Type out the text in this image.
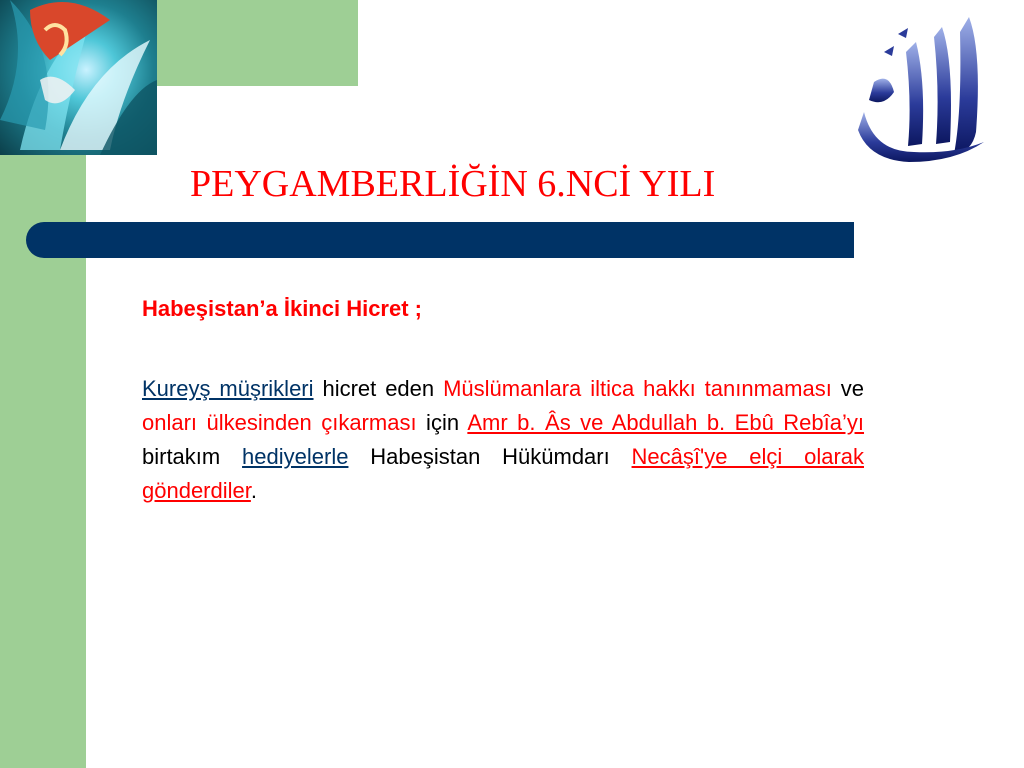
PEYGAMBERLİĞİN 6.NCİ YILI
Habeşistan’a İkinci Hicret ;
Kureyş müşrikleri hicret eden Müslümanlara iltica hakkı tanınmaması ve onları ülkesinden çıkarması için Amr b. Âs ve Abdullah b. Ebû Rebîa’yı birtakım hediyelerle Habeşistan Hükümdarı Necâşî'ye elçi olarak gönderdiler.
